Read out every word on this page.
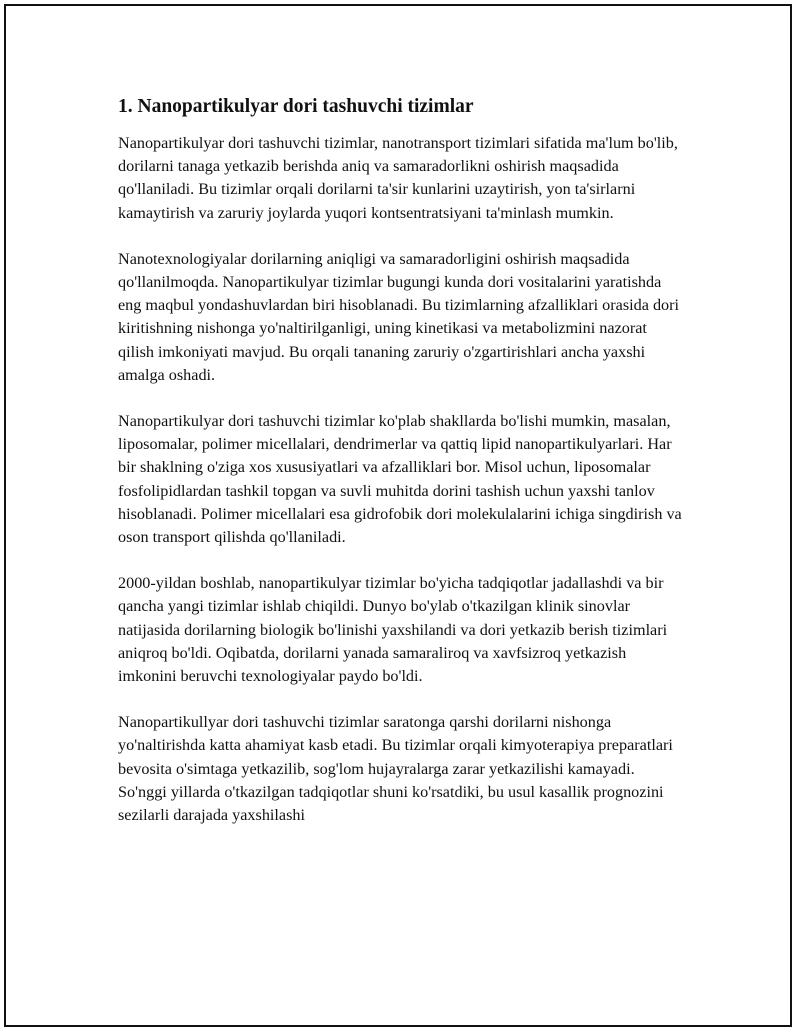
1. Nanopartikulyar dori tashuvchi tizimlar

Nanopartikulyar dori tashuvchi tizimlar, nanotransport tizimlari sifatida ma'lum bo'lib, dorilarni tanaga yetkazib berishda aniq va samaradorlikni oshirish maqsadida qo'llaniladi. Bu tizimlar orqali dorilarni ta'sir kunlarini uzaytirish, yon ta'sirlarni kamaytirish va zaruriy joylarda yuqori kontsentratsiyani ta'minlash mumkin.

Nanotexnologiyalar dorilarning aniqligi va samaradorligini oshirish maqsadida qo'llanilmoqda. Nanopartikulyar tizimlar bugungi kunda dori vositalarini yaratishda eng maqbul yondashuvlardan biri hisoblanadi. Bu tizimlarning afzalliklari orasida dori kiritishning nishonga yo'naltirilganligi, uning kinetikasi va metabolizmini nazorat qilish imkoniyati mavjud. Bu orqali tananing zaruriy o'zgartirishlari ancha yaxshi amalga oshadi.

Nanopartikulyar dori tashuvchi tizimlar ko'plab shakllarda bo'lishi mumkin, masalan, liposomalar, polimer micellalari, dendrimerlar va qattiq lipid nanopartikulyarlari. Har bir shaklning o'ziga xos xususiyatlari va afzalliklari bor. Misol uchun, liposomalar fosfolipidlardan tashkil topgan va suvli muhitda dorini tashish uchun yaxshi tanlov hisoblanadi. Polimer micellalari esa gidrofobik dori molekulalarini ichiga singdirish va oson transport qilishda qo'llaniladi.

2000-yildan boshlab, nanopartikulyar tizimlar bo'yicha tadqiqotlar jadallashdi va bir qancha yangi tizimlar ishlab chiqildi. Dunyo bo'ylab o'tkazilgan klinik sinovlar natijasida dorilarning biologik bo'linishi yaxshilandi va dori yetkazib berish tizimlari aniqroq bo'ldi. Oqibatda, dorilarni yanada samaraliroq va xavfsizroq yetkazish imkonini beruvchi texnologiyalar paydo bo'ldi.

Nanopartikullyar dori tashuvchi tizimlar saratonga qarshi dorilarni nishonga yo'naltirishda katta ahamiyat kasb etadi. Bu tizimlar orqali kimyoterapiya preparatlari bevosita o'simtaga yetkazilib, sog'lom hujayralarga zarar yetkazilishi kamayadi. So'nggi yillarda o'tkazilgan tadqiqotlar shuni ko'rsatdiki, bu usul kasallik prognozini sezilarli darajada yaxshilashi
